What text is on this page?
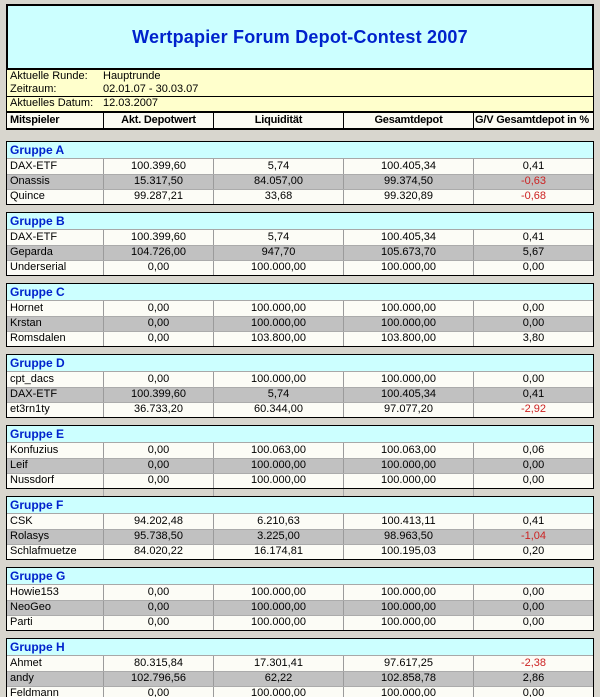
Wertpapier Forum Depot-Contest 2007
Aktuelle Runde:	Hauptrunde
Zeitraum:	02.01.07 - 30.03.07
Aktuelles Datum: 12.03.2007
Mitspieler	Akt. Depotwert	Liquidität	Gesamtdepot	G/V Gesamtdepot in %
Gruppe A
DAX-ETF	100.399,60	5,74	100.405,34	0,41
Onassis	15.317,50	84.057,00	99.374,50	-0,63
Quince	99.287,21	33,68	99.320,89	-0,68
Gruppe B
DAX-ETF	100.399,60	5,74	100.405,34	0,41
Geparda	104.726,00	947,70	105.673,70	5,67
Underserial	0,00	100.000,00	100.000,00	0,00
Gruppe C
Hornet	0,00	100.000,00	100.000,00	0,00
Krstan	0,00	100.000,00	100.000,00	0,00
Romsdalen	0,00	103.800,00	103.800,00	3,80
Gruppe D
cpt_dacs	0,00	100.000,00	100.000,00	0,00
DAX-ETF	100.399,60	5,74	100.405,34	0,41
et3rn1ty	36.733,20	60.344,00	97.077,20	-2,92
Gruppe E
Konfuzius	0,00	100.063,00	100.063,00	0,06
Leif	0,00	100.000,00	100.000,00	0,00
Nussdorf	0,00	100.000,00	100.000,00	0,00
Gruppe F
CSK	94.202,48	6.210,63	100.413,11	0,41
Rolasys	95.738,50	3.225,00	98.963,50	-1,04
Schlafmuetze	84.020,22	16.174,81	100.195,03	0,20
Gruppe G
Howie153	0,00	100.000,00	100.000,00	0,00
NeoGeo	0,00	100.000,00	100.000,00	0,00
Parti	0,00	100.000,00	100.000,00	0,00
Gruppe H
Ahmet	80.315,84	17.301,41	97.617,25	-2,38
andy	102.796,56	62,22	102.858,78	2,86
Feldmann	0,00	100.000,00	100.000,00	0,00
